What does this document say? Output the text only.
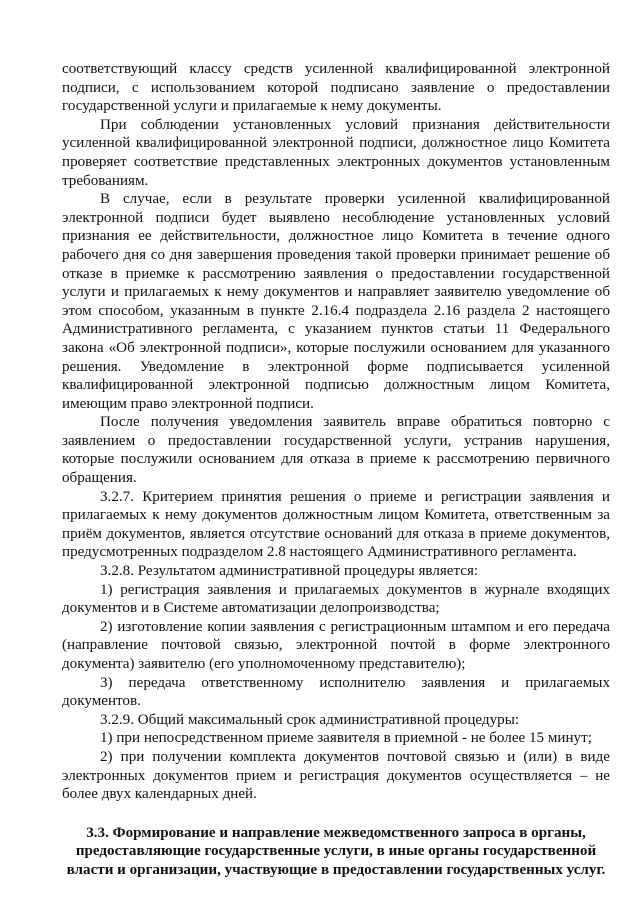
соответствующий классу средств усиленной квалифицированной электронной подписи, с использованием которой подписано заявление о предоставлении государственной услуги и прилагаемые к нему документы.

При соблюдении установленных условий признания действительности усиленной квалифицированной электронной подписи, должностное лицо Комитета проверяет соответствие представленных электронных документов установленным требованиям.

В случае, если в результате проверки усиленной квалифицированной электронной подписи будет выявлено несоблюдение установленных условий признания ее действительности, должностное лицо Комитета в течение одного рабочего дня со дня завершения проведения такой проверки принимает решение об отказе в приемке к рассмотрению заявления о предоставлении государственной услуги и прилагаемых к нему документов и направляет заявителю уведомление об этом способом, указанным в пункте 2.16.4 подраздела 2.16 раздела 2 настоящего Административного регламента, с указанием пунктов статьи 11 Федерального закона «Об электронной подписи», которые послужили основанием для указанного решения. Уведомление в электронной форме подписывается усиленной квалифицированной электронной подписью должностным лицом Комитета, имеющим право электронной подписи.

После получения уведомления заявитель вправе обратиться повторно с заявлением о предоставлении государственной услуги, устранив нарушения, которые послужили основанием для отказа в приеме к рассмотрению первичного обращения.

3.2.7. Критерием принятия решения о приеме и регистрации заявления и прилагаемых к нему документов должностным лицом Комитета, ответственным за приём документов, является отсутствие оснований для отказа в приеме документов, предусмотренных подразделом 2.8 настоящего Административного регламента.

3.2.8. Результатом административной процедуры является:

1) регистрация заявления и прилагаемых документов в журнале входящих документов и в Системе автоматизации делопроизводства;

2) изготовление копии заявления с регистрационным штампом и его передача (направление почтовой связью, электронной почтой в форме электронного документа) заявителю (его уполномоченному представителю);

3) передача ответственному исполнителю заявления и прилагаемых документов.

3.2.9. Общий максимальный срок административной процедуры:

1) при непосредственном приеме заявителя в приемной - не более 15 минут;

2) при получении комплекта документов почтовой связью и (или) в виде электронных документов прием и регистрация документов осуществляется – не более двух календарных дней.

3.3. Формирование и направление межведомственного запроса в органы, предоставляющие государственные услуги, в иные органы государственной власти и организации, участвующие в предоставлении государственных услуг.
